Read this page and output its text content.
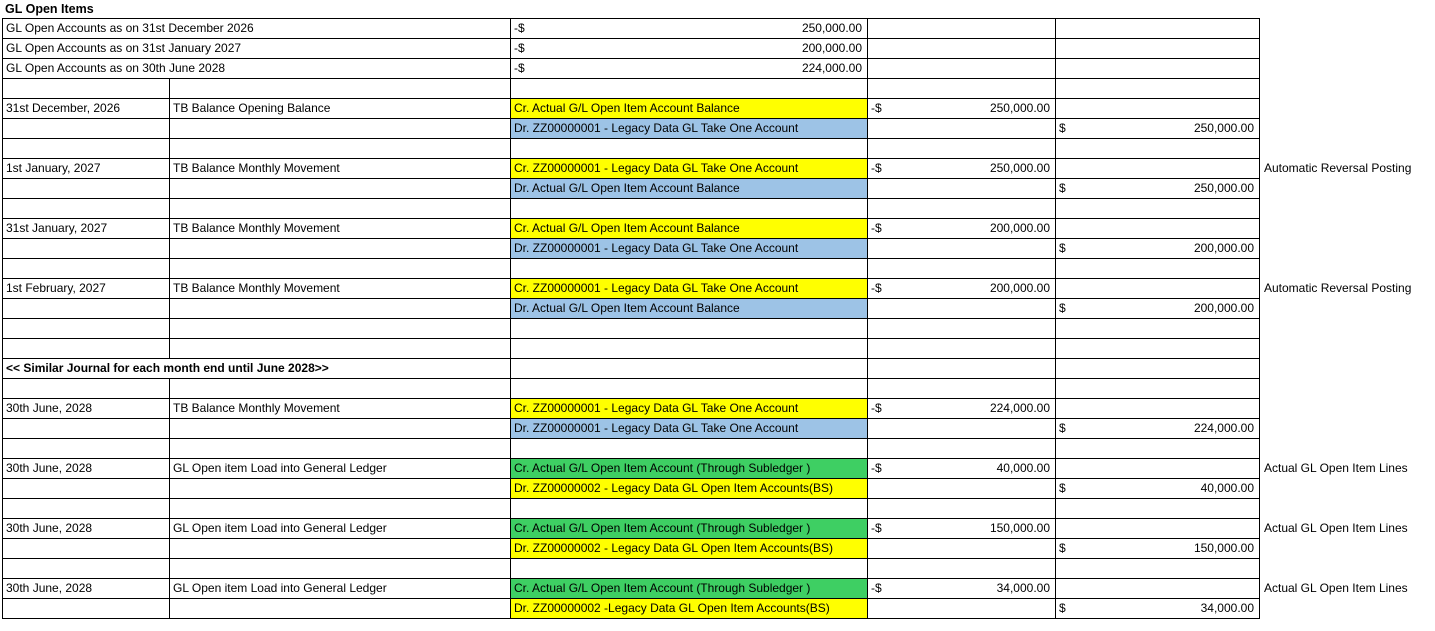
GL Open Items
GL Open Accounts as on 31st December 2026		-$ 250,000.00			

GL Open Accounts as on 31st January 2027		-$ 200,000.00			

GL Open Accounts as on 30th June 2028		-$ 224,000.00			

31st December, 2026	TB Balance Opening Balance	Cr. Actual G/L Open Item Account Balance	-$ 250,000.00		

		Dr. ZZ00000001 - Legacy Data GL Take One Account		$ 250,000.00	

1st January, 2027	TB Balance Monthly Movement	Cr. ZZ00000001 - Legacy Data GL Take One Account	-$ 250,000.00		Automatic Reversal Posting
		Dr. Actual G/L Open Item Account Balance		$ 250,000.00	

31st January, 2027	TB Balance Monthly Movement	Cr. Actual G/L Open Item Account Balance	-$ 200,000.00		

		Dr. ZZ00000001 - Legacy Data GL Take One Account		$ 200,000.00	

1st February, 2027	TB Balance Monthly Movement	Cr. ZZ00000001 - Legacy Data GL Take One Account	-$ 200,000.00		Automatic Reversal Posting
		Dr. Actual G/L Open Item Account Balance		$ 200,000.00	

<< Similar Journal for each month end until June 2028>>					

30th June, 2028	TB Balance Monthly Movement	Cr. ZZ00000001 - Legacy Data GL Take One Account	-$ 224,000.00		

		Dr. ZZ00000001 - Legacy Data GL Take One Account		$ 224,000.00	

30th June, 2028	GL Open item Load into General Ledger	Cr. Actual G/L Open Item Account (Through Subledger )	-$ 40,000.00		Actual GL Open Item Lines
		Dr. ZZ00000002 - Legacy Data GL Open Item Accounts(BS)		$ 40,000.00	

30th June, 2028	GL Open item Load into General Ledger	Cr. Actual G/L Open Item Account (Through Subledger )	-$ 150,000.00		Actual GL Open Item Lines
		Dr. ZZ00000002 - Legacy Data GL Open Item Accounts(BS)		$ 150,000.00	

30th June, 2028	GL Open item Load into General Ledger	Cr. Actual G/L Open Item Account (Through Subledger )	-$ 34,000.00		Actual GL Open Item Lines
		Dr. ZZ00000002 -Legacy Data GL Open Item Accounts(BS)		$ 34,000.00	
